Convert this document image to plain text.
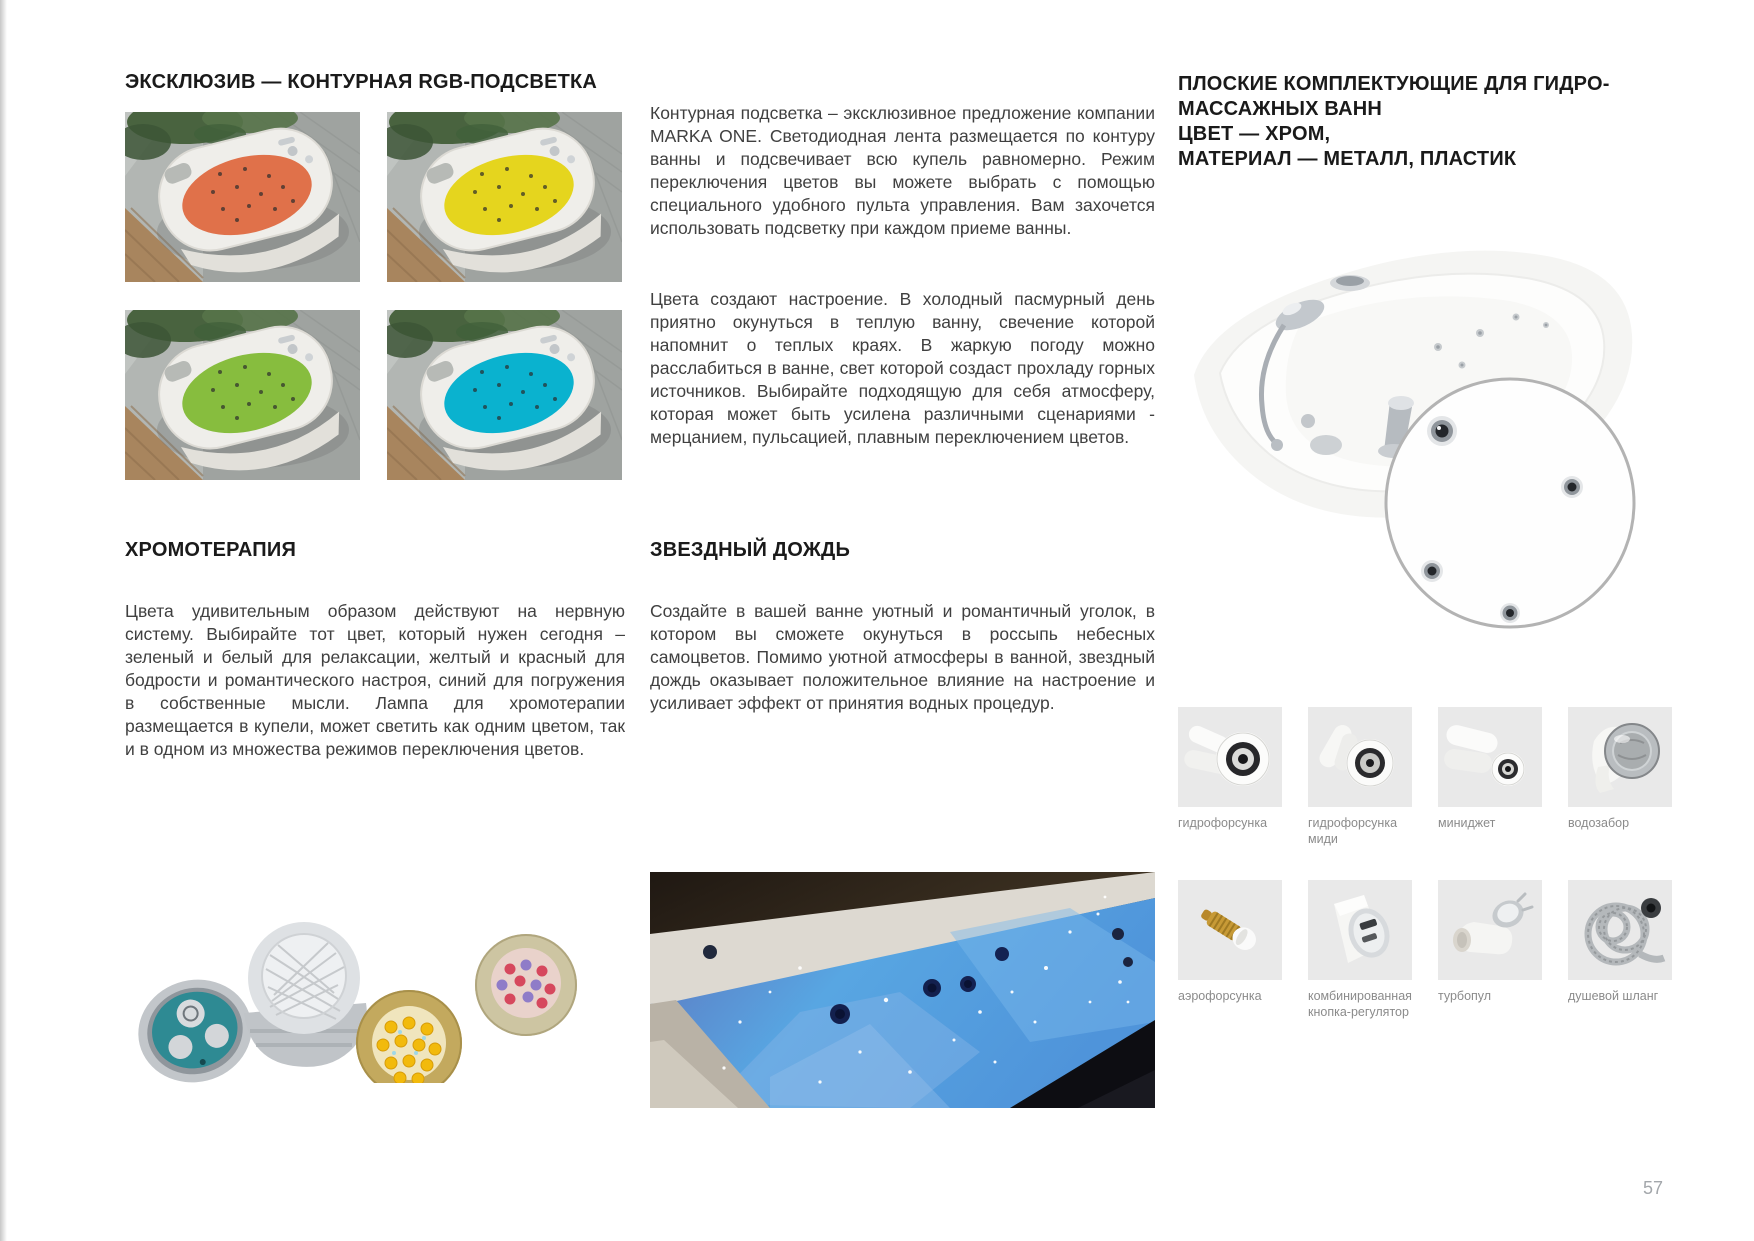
ЭКСКЛЮЗИВ — КОНТУРНАЯ RGB-ПОДСВЕТКА
ХРОМОТЕРАПИЯ
Цвета удивительным образом действуют на нервную систему. Выбирайте тот цвет, который нужен сегодня – зеленый и белый для релаксации, желтый и красный для бодрости и романтического настроя, синий для погружения в собственные мысли. Лампа для хромотерапии размещается в купели, может светить как одним цветом, так и в одном из множества режимов переключения цветов.
Контурная подсветка – эксклюзивное предложение компании MARKA ONE. Светодиодная лента размещается по контуру ванны и подсвечивает всю купель равномерно. Режим переключения цветов вы можете выбрать с помощью специального удобного пульта управления. Вам захочется использовать подсветку при каждом приеме ванны.
Цвета создают настроение. В холодный пасмурный день приятно окунуться в теплую ванну, свечение которой напомнит о теплых краях. В жаркую погоду можно расслабиться в ванне, свет которой создаст прохладу горных источников. Выбирайте подходящую для себя атмосферу, которая может быть усилена различными сценариями - мерцанием, пульсацией, плавным переключением цветов.
ЗВЕЗДНЫЙ ДОЖДЬ
Создайте в вашей ванне уютный и романтичный уголок, в котором вы сможете окунуться в россыпь небесных самоцветов. Помимо уютной атмосферы в ванной, звездный дождь оказывает положительное влияние на настроение и усиливает эффект от принятия водных процедур.
ПЛОСКИЕ КОМПЛЕКТУЮЩИЕ ДЛЯ ГИДРО-
МАССАЖНЫХ ВАНН
ЦВЕТ — ХРОМ,
МАТЕРИАЛ — МЕТАЛЛ, ПЛАСТИК
гидрофорсунка	гидрофорсунка миди
миниджет	водозабор
аэрофорсунка	комбинированная кнопка-регулятор
турбопул	душевой шланг
57
